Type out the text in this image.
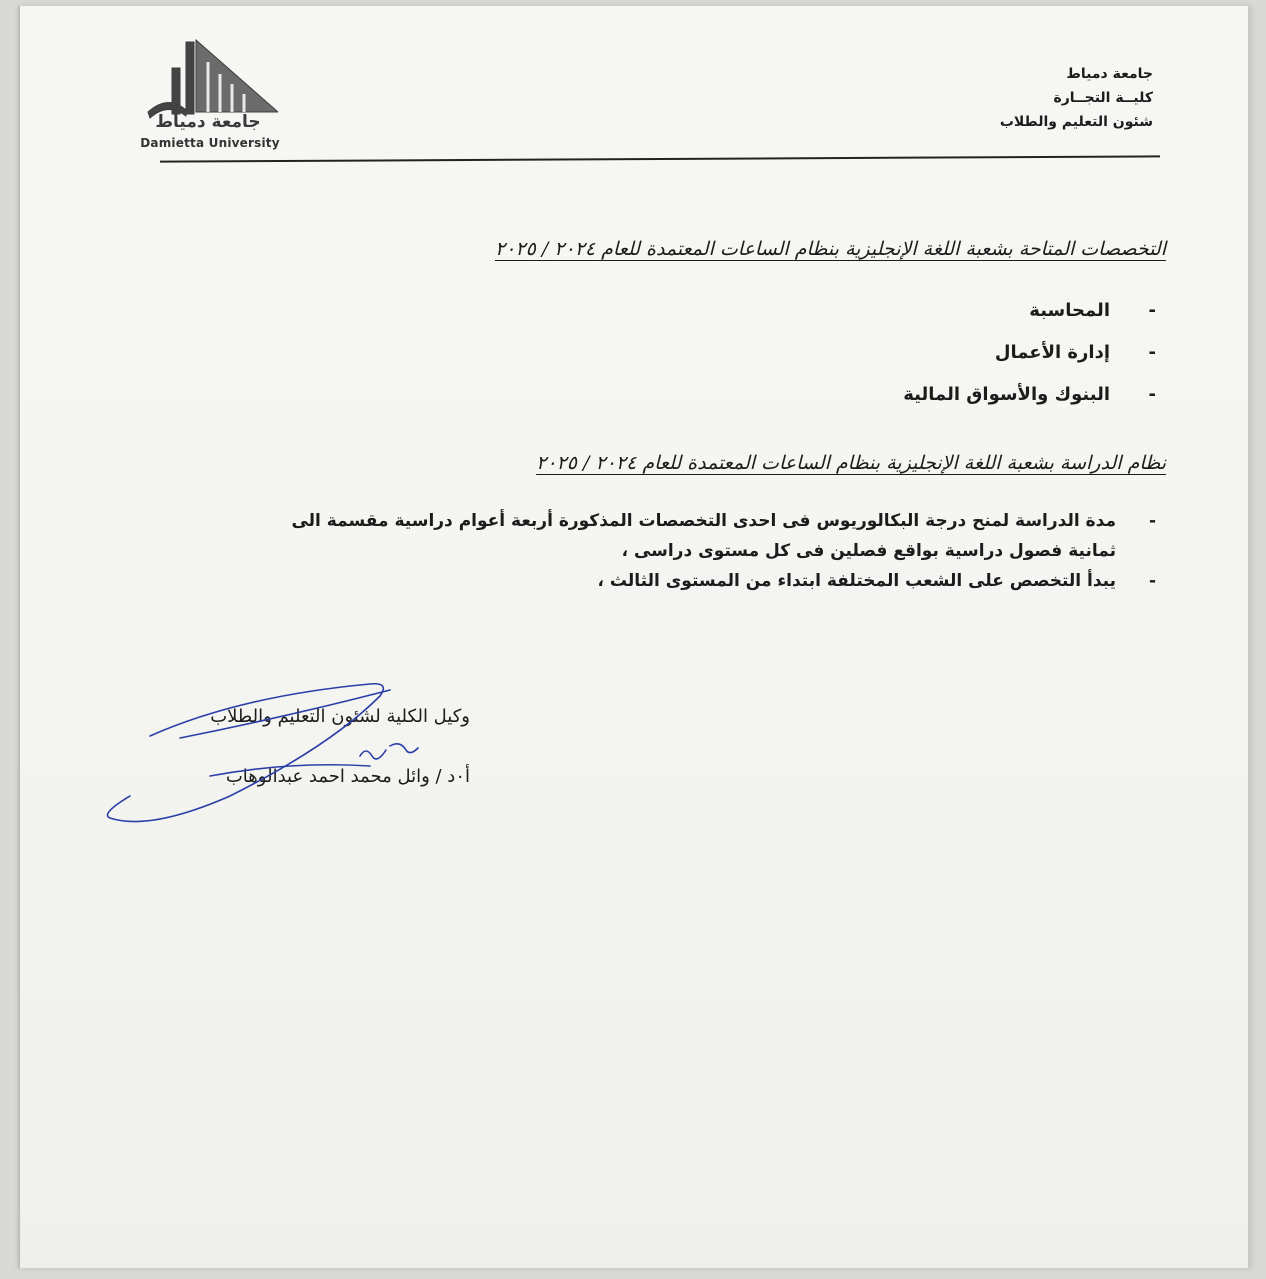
جامعة دمياط
Damietta University
جامعة دمياط
كليــة التجــارة
شئون التعليم والطلاب
التخصصات المتاحة بشعبة اللغة الإنجليزية بنظام الساعات المعتمدة للعام ٢٠٢٤ / ٢٠٢٥
-المحاسبة
-إدارة الأعمال
-البنوك والأسواق المالية
نظام الدراسة بشعبة اللغة الإنجليزية بنظام الساعات المعتمدة للعام ٢٠٢٤ / ٢٠٢٥
-مدة الدراسة لمنح درجة البكالوريوس فى احدى التخصصات المذكورة أربعة أعوام دراسية مقسمة الى
ثمانية فصول دراسية بواقع فصلين فى كل مستوى دراسى ،
-يبدأ التخصص على الشعب المختلفة ابتداء من المستوى الثالث ،
وكيل الكلية لشئون التعليم والطلاب
أ٠د / وائل محمد احمد عبدالوهاب
